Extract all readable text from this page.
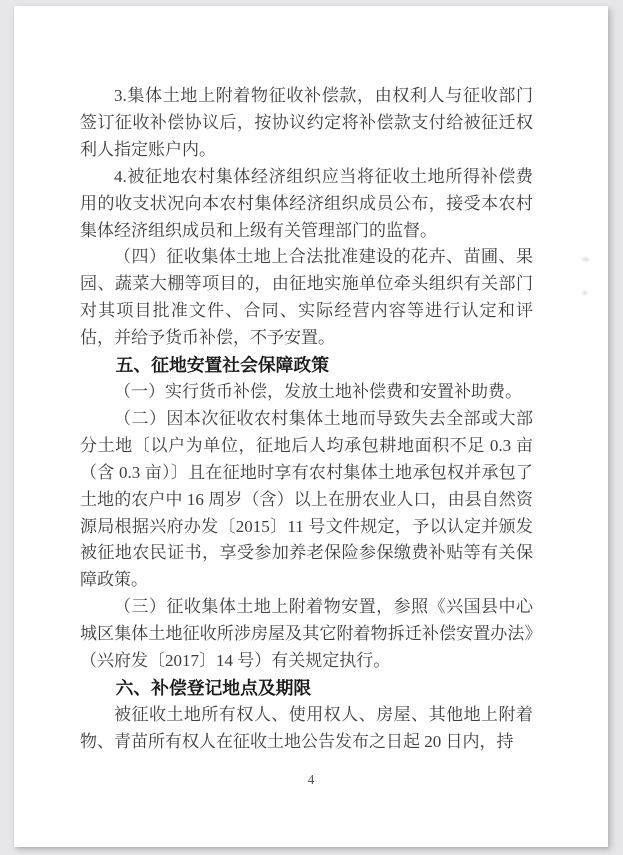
3.集体土地上附着物征收补偿款，由权利人与征收部门签订征收补偿协议后，按协议约定将补偿款支付给被征迁权利人指定账户内。

4.被征地农村集体经济组织应当将征收土地所得补偿费用的收支状况向本农村集体经济组织成员公布，接受本农村集体经济组织成员和上级有关管理部门的监督。

（四）征收集体土地上合法批准建设的花卉、苗圃、果园、蔬菜大棚等项目的，由征地实施单位牵头组织有关部门对其项目批准文件、合同、实际经营内容等进行认定和评估，并给予货币补偿，不予安置。

五、征地安置社会保障政策

（一）实行货币补偿，发放土地补偿费和安置补助费。

（二）因本次征收农村集体土地而导致失去全部或大部分土地〔以户为单位，征地后人均承包耕地面积不足 0.3 亩（含 0.3 亩）〕且在征地时享有农村集体土地承包权并承包了土地的农户中 16 周岁（含）以上在册农业人口，由县自然资源局根据兴府办发〔2015〕11 号文件规定，予以认定并颁发被征地农民证书，享受参加养老保险参保缴费补贴等有关保障政策。

（三）征收集体土地上附着物安置，参照《兴国县中心城区集体土地征收所涉房屋及其它附着物拆迁补偿安置办法》（兴府发〔2017〕14 号）有关规定执行。

六、补偿登记地点及期限

被征收土地所有权人、使用权人、房屋、其他地上附着物、青苗所有权人在征收土地公告发布之日起 20 日内，持

4
